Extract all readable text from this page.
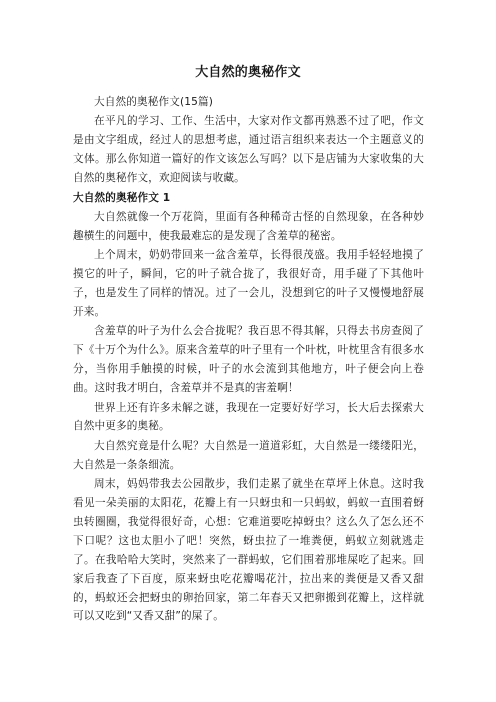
大自然的奥秘作文

大自然的奥秘作文(15篇)

在平凡的学习、工作、生活中，大家对作文都再熟悉不过了吧，作文是由文字组成，经过人的思想考虑，通过语言组织来表达一个主题意义的文体。那么你知道一篇好的作文该怎么写吗？以下是店铺为大家收集的大自然的奥秘作文，欢迎阅读与收藏。

大自然的奥秘作文 1

大自然就像一个万花筒，里面有各种稀奇古怪的自然现象，在各种妙趣横生的问题中，使我最难忘的是发现了含羞草的秘密。

上个周末，奶奶带回来一盆含羞草，长得很茂盛。我用手轻轻地摸了摸它的叶子，瞬间，它的叶子就合拢了，我很好奇，用手碰了下其他叶子，也是发生了同样的情况。过了一会儿，没想到它的叶子又慢慢地舒展开来。

含羞草的叶子为什么会合拢呢？我百思不得其解，只得去书房查阅了下《十万个为什么》。原来含羞草的叶子里有一个叶枕，叶枕里含有很多水分，当你用手触摸的时候，叶子的水会流到其他地方，叶子便会向上卷曲。这时我才明白，含羞草并不是真的害羞啊！

世界上还有许多未解之谜，我现在一定要好好学习，长大后去探索大自然中更多的奥秘。

大自然究竟是什么呢？大自然是一道道彩虹，大自然是一缕缕阳光，大自然是一条条细流。

周末，妈妈带我去公园散步，我们走累了就坐在草坪上休息。这时我看见一朵美丽的太阳花，花瓣上有一只蚜虫和一只蚂蚁，蚂蚁一直围着蚜虫转圈圈，我觉得很好奇，心想：它难道要吃掉蚜虫？这么久了怎么还不下口呢？这也太胆小了吧！突然，蚜虫拉了一堆粪便，蚂蚁立刻就逃走了。在我哈哈大笑时，突然来了一群蚂蚁，它们围着那堆屎吃了起来。回家后我查了下百度，原来蚜虫吃花瓣喝花汁，拉出来的粪便是又香又甜的，蚂蚁还会把蚜虫的卵抬回家，第二年春天又把卵搬到花瓣上，这样就可以又吃到“又香又甜”的屎了。
